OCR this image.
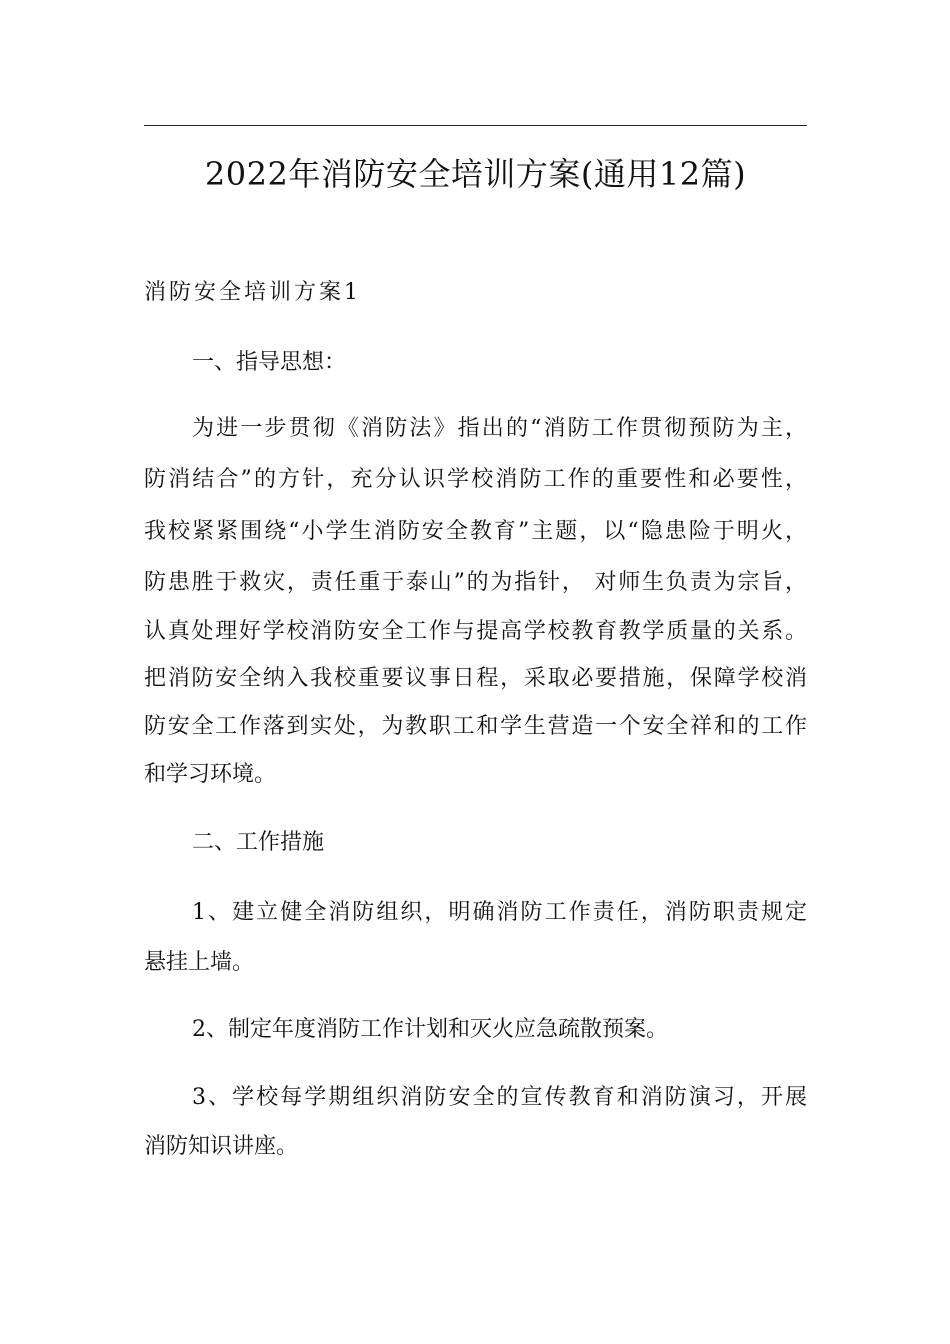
2022年消防安全培训方案(通用12篇)
消防安全培训方案1
一、指导思想：
为进一步贯彻《消防法》指出的“消防工作贯彻预防为主，
防消结合”的方针，充分认识学校消防工作的重要性和必要性，
我校紧紧围绕“小学生消防安全教育”主题，以“隐患险于明火，
防患胜于救灾，责任重于泰山”的为指针， 对师生负责为宗旨，
认真处理好学校消防安全工作与提高学校教育教学质量的关系。
把消防安全纳入我校重要议事日程，采取必要措施，保障学校消
防安全工作落到实处，为教职工和学生营造一个安全祥和的工作
和学习环境。
二、工作措施
1、建立健全消防组织，明确消防工作责任，消防职责规定
悬挂上墙。
2、制定年度消防工作计划和灭火应急疏散预案。
3、学校每学期组织消防安全的宣传教育和消防演习，开展
消防知识讲座。
